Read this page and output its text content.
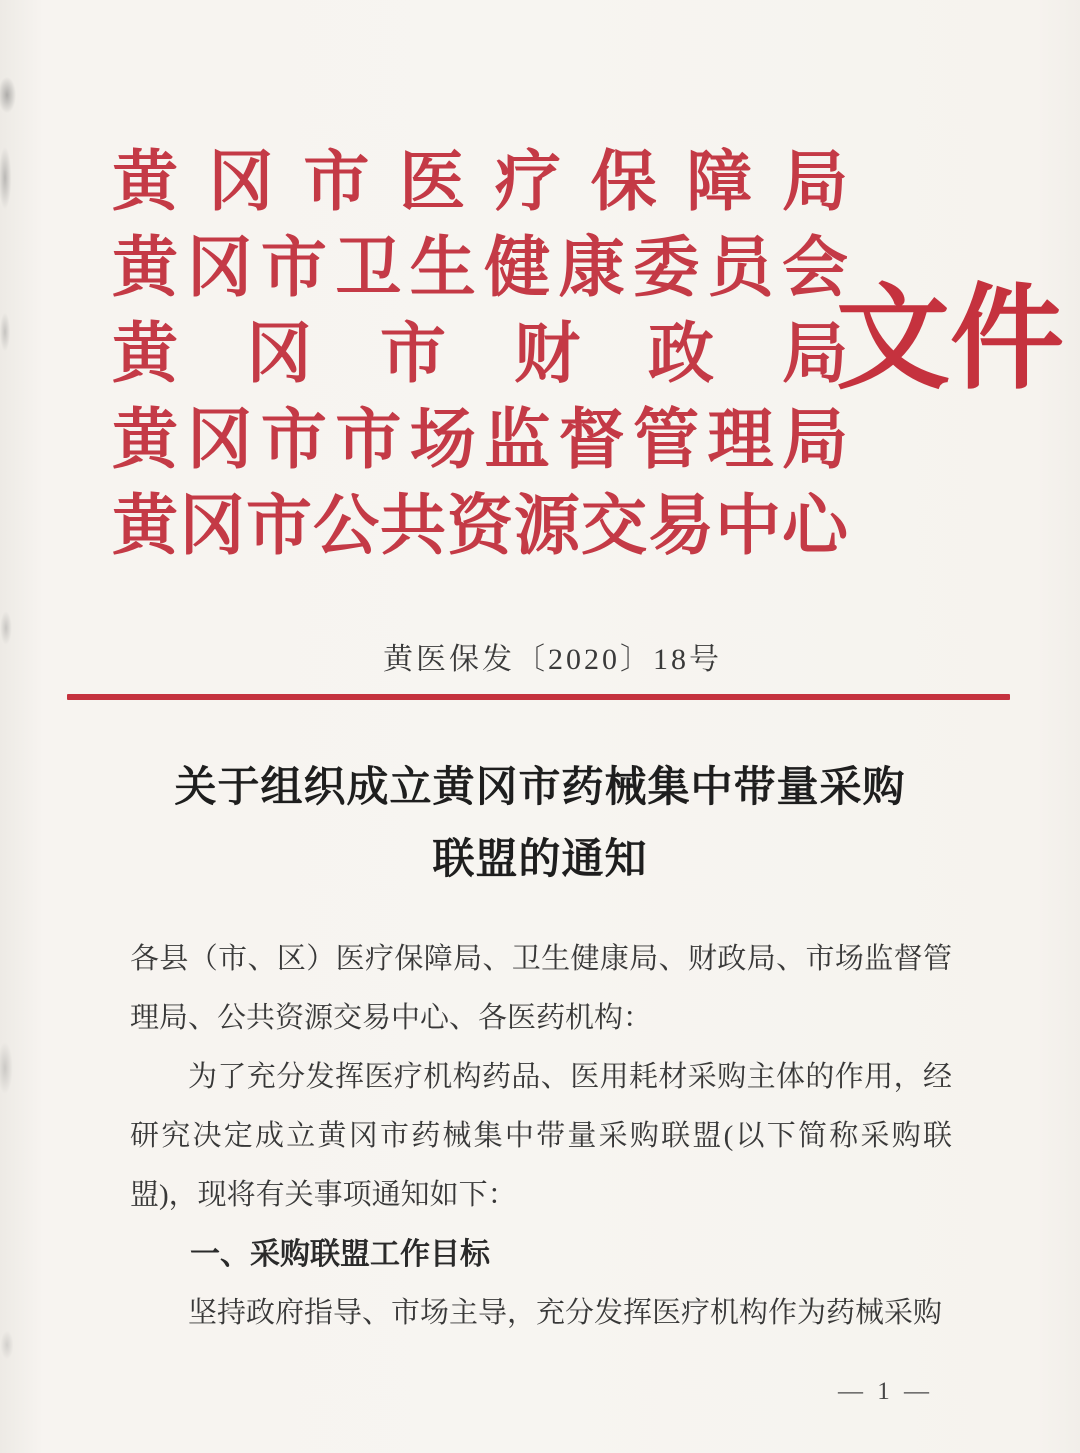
黄冈市医疗保障局
黄冈市卫生健康委员会
黄冈市财政局
黄冈市市场监督管理局
黄冈市公共资源交易中心
文件
黄医保发〔2020〕18号
关于组织成立黄冈市药械集中带量采购
联盟的通知

各县（市、区）医疗保障局、卫生健康局、财政局、市场监督管理局、公共资源交易中心、各医药机构：

为了充分发挥医疗机构药品、医用耗材采购主体的作用，经研究决定成立黄冈市药械集中带量采购联盟(以下简称采购联盟)，现将有关事项通知如下：

一、采购联盟工作目标

坚持政府指导、市场主导，充分发挥医疗机构作为药械采购

— 1 —
